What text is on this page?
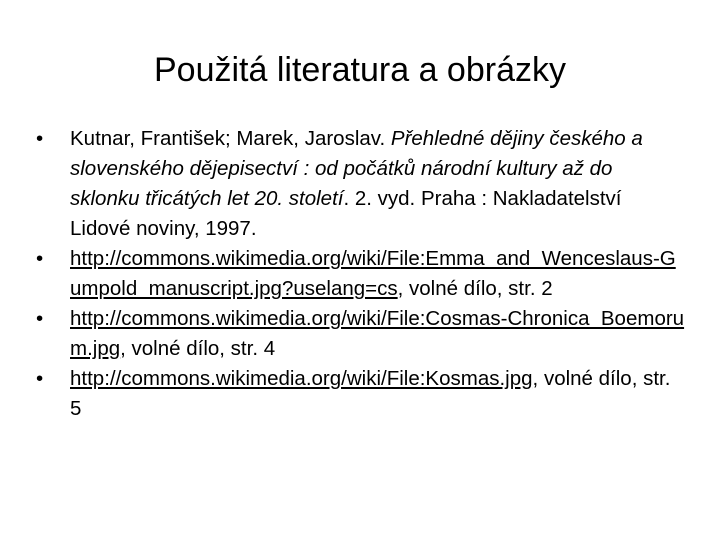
Použitá literatura a obrázky
•	Kutnar, František; Marek, Jaroslav. Přehledné dějiny českého a slovenského dějepisectví : od počátků národní kultury až do sklonku třicátých let 20. století. 2. vyd. Praha : Nakladatelství Lidové noviny, 1997.
•	http://commons.wikimedia.org/wiki/File:Emma_and_Wenceslaus-Gumpold_manuscript.jpg?uselang=cs, volné dílo, str. 2
•	http://commons.wikimedia.org/wiki/File:Cosmas-Chronica_Boemorum.jpg, volné dílo, str. 4
•	http://commons.wikimedia.org/wiki/File:Kosmas.jpg, volné dílo, str. 5
